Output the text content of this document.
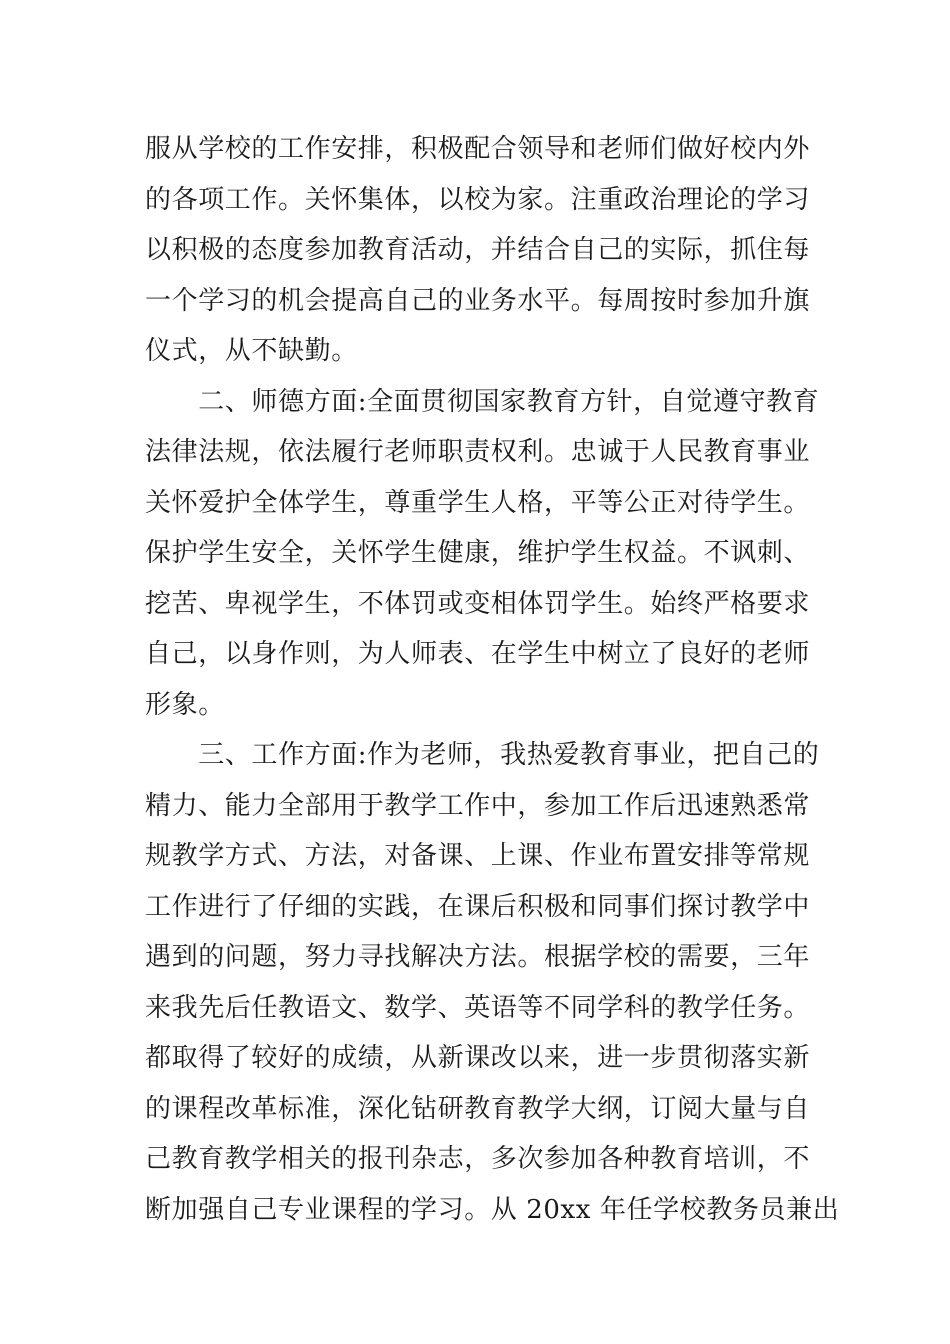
服从学校的工作安排，积极配合领导和老师们做好校内外
的各项工作。关怀集体，以校为家。注重政治理论的学习
以积极的态度参加教育活动，并结合自己的实际，抓住每
一个学习的机会提高自己的业务水平。每周按时参加升旗
仪式，从不缺勤。
　　二、师德方面:全面贯彻国家教育方针，自觉遵守教育
法律法规，依法履行老师职责权利。忠诚于人民教育事业
关怀爱护全体学生，尊重学生人格，平等公正对待学生。
保护学生安全，关怀学生健康，维护学生权益。不讽刺、
挖苦、卑视学生，不体罚或变相体罚学生。始终严格要求
自己，以身作则，为人师表、在学生中树立了良好的老师
形象。
　　三、工作方面:作为老师，我热爱教育事业，把自己的
精力、能力全部用于教学工作中，参加工作后迅速熟悉常
规教学方式、方法，对备课、上课、作业布置安排等常规
工作进行了仔细的实践，在课后积极和同事们探讨教学中
遇到的问题，努力寻找解决方法。根据学校的需要，三年
来我先后任教语文、数学、英语等不同学科的教学任务。
都取得了较好的成绩，从新课改以来，进一步贯彻落实新
的课程改革标准，深化钻研教育教学大纲，订阅大量与自
己教育教学相关的报刊杂志，多次参加各种教育培训，不
断加强自己专业课程的学习。从 20xx 年任学校教务员兼出
